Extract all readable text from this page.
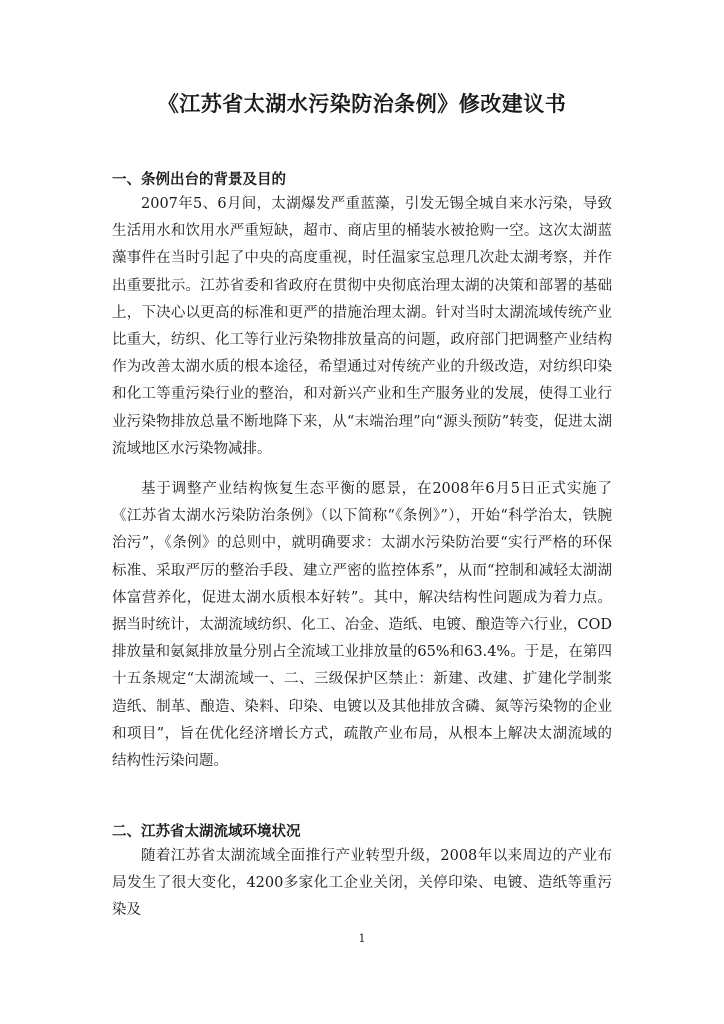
《江苏省太湖水污染防治条例》修改建议书
一、条例出台的背景及目的

2007年5、6月间，太湖爆发严重蓝藻，引发无锡全城自来水污染，导致生活用水和饮用水严重短缺，超市、商店里的桶装水被抢购一空。这次太湖蓝藻事件在当时引起了中央的高度重视，时任温家宝总理几次赴太湖考察，并作出重要批示。江苏省委和省政府在贯彻中央彻底治理太湖的决策和部署的基础上，下决心以更高的标准和更严的措施治理太湖。针对当时太湖流域传统产业比重大，纺织、化工等行业污染物排放量高的问题，政府部门把调整产业结构作为改善太湖水质的根本途径，希望通过对传统产业的升级改造，对纺织印染和化工等重污染行业的整治，和对新兴产业和生产服务业的发展，使得工业行业污染物排放总量不断地降下来，从“末端治理”向“源头预防”转变，促进太湖流域地区水污染物减排。

基于调整产业结构恢复生态平衡的愿景，在2008年6月5日正式实施了《江苏省太湖水污染防治条例》（以下简称“《条例》”），开始“科学治太，铁腕治污”，《条例》的总则中，就明确要求：太湖水污染防治要“实行严格的环保标准、采取严厉的整治手段、建立严密的监控体系”，从而“控制和减轻太湖湖体富营养化，促进太湖水质根本好转”。其中，解决结构性问题成为着力点。据当时统计，太湖流域纺织、化工、冶金、造纸、电镀、酿造等六行业，COD排放量和氨氮排放量分别占全流域工业排放量的65%和63.4%。于是，在第四十五条规定“太湖流域一、二、三级保护区禁止：新建、改建、扩建化学制浆造纸、制革、酿造、染料、印染、电镀以及其他排放含磷、氮等污染物的企业和项目”，旨在优化经济增长方式，疏散产业布局，从根本上解决太湖流域的结构性污染问题。

二、江苏省太湖流域环境状况

随着江苏省太湖流域全面推行产业转型升级，2008年以来周边的产业布局发生了很大变化，4200多家化工企业关闭，关停印染、电镀、造纸等重污染及

1
